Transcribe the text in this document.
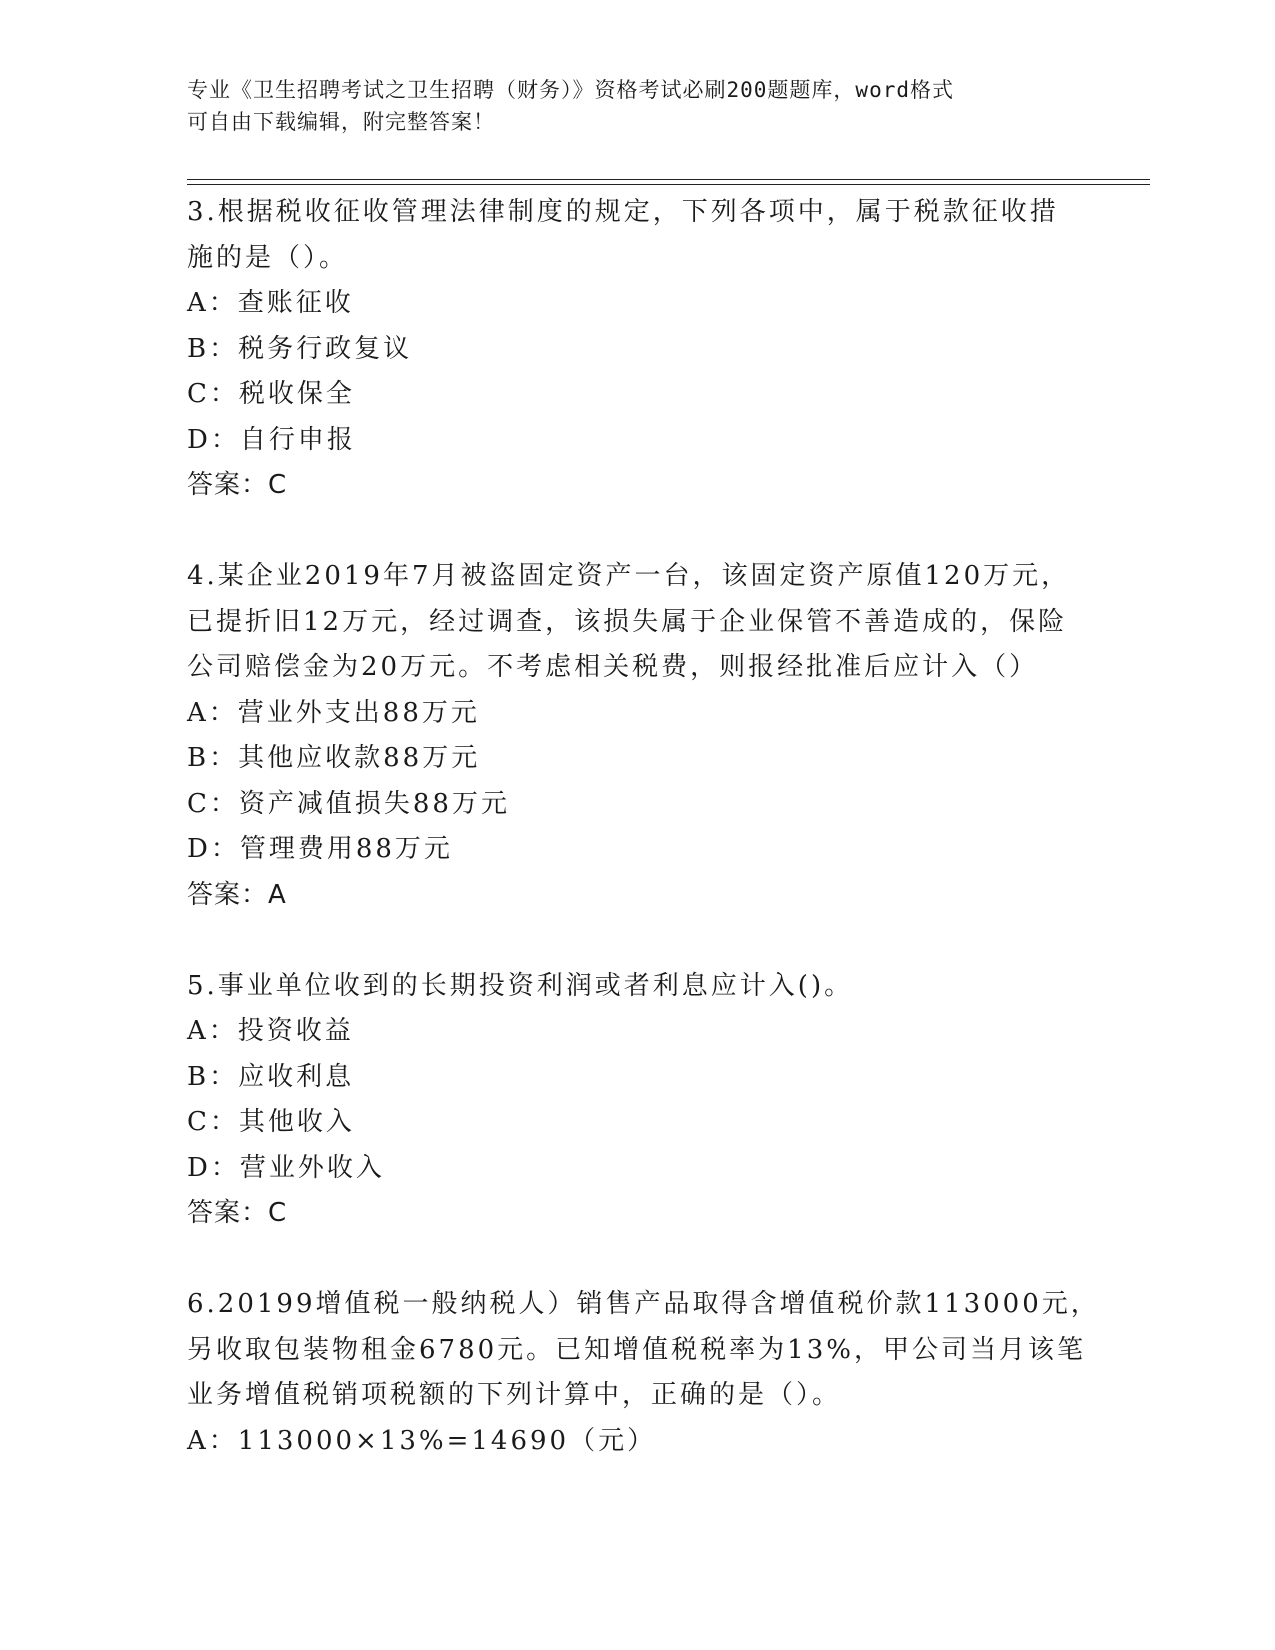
专业《卫生招聘考试之卫生招聘（财务）》资格考试必刷200题题库，word格式
可自由下载编辑，附完整答案！
3.根据税收征收管理法律制度的规定，下列各项中，属于税款征收措
施的是（）。
A：查账征收
B：税务行政复议
C：税收保全
D：自行申报
答案：C
4.某企业2019年7月被盗固定资产一台，该固定资产原值120万元，
已提折旧12万元，经过调查，该损失属于企业保管不善造成的，保险
公司赔偿金为20万元。不考虑相关税费，则报经批准后应计入（）
A：营业外支出88万元
B：其他应收款88万元
C：资产减值损失88万元
D：管理费用88万元
答案：A
5.事业单位收到的长期投资利润或者利息应计入()。
A：投资收益
B：应收利息
C：其他收入
D：营业外收入
答案：C
6.20199增值税一般纳税人）销售产品取得含增值税价款113000元，
另收取包装物租金6780元。已知增值税税率为13%，甲公司当月该笔
业务增值税销项税额的下列计算中，正确的是（）。
A：113000×13%=14690（元）
